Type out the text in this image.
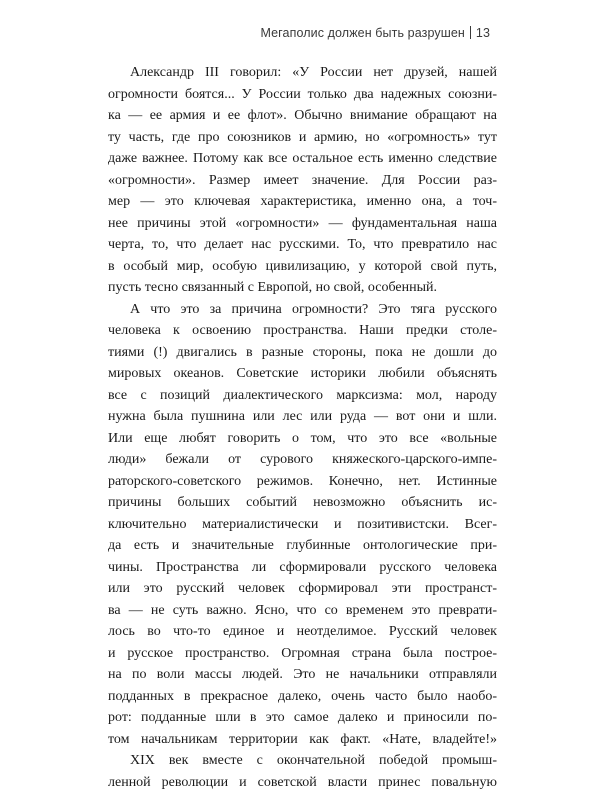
Мегаполис должен быть разрушен 13
Александр III говорил: «У России нет друзей, нашей
огромности боятся... У России только два надежных союзни-
ка — ее армия и ее флот». Обычно внимание обращают на
ту часть, где про союзников и армию, но «огромность» тут
даже важнее. Потому как все остальное есть именно следствие
«огромности». Размер имеет значение. Для России раз-
мер — это ключевая характеристика, именно она, а точ-
нее причины этой «огромности» — фундаментальная наша
черта, то, что делает нас русскими. То, что превратило нас
в особый мир, особую цивилизацию, у которой свой путь,
пусть тесно связанный с Европой, но свой, особенный.
А что это за причина огромности? Это тяга русского
человека к освоению пространства. Наши предки столе-
тиями (!) двигались в разные стороны, пока не дошли до
мировых океанов. Советские историки любили объяснять
все с позиций диалектического марксизма: мол, народу
нужна была пушнина или лес или руда — вот они и шли.
Или еще любят говорить о том, что это все «вольные
люди» бежали от сурового княжеского-царского-импе-
раторского-советского режимов. Конечно, нет. Истинные
причины больших событий невозможно объяснить ис-
ключительно материалистически и позитивистски. Всег-
да есть и значительные глубинные онтологические при-
чины. Пространства ли сформировали русского человека
или это русский человек сформировал эти пространст-
ва — не суть важно. Ясно, что со временем это преврати-
лось во что-то единое и неотделимое. Русский человек
и русское пространство. Огромная страна была построе-
на по воли массы людей. Это не начальники отправляли
подданных в прекрасное далеко, очень часто было наобо-
рот: подданные шли в это самое далеко и приносили по-
том начальникам территории как факт. «Нате, владейте!»
XIX век вместе с окончательной победой промыш-
ленной революции и советской власти принес повальную
